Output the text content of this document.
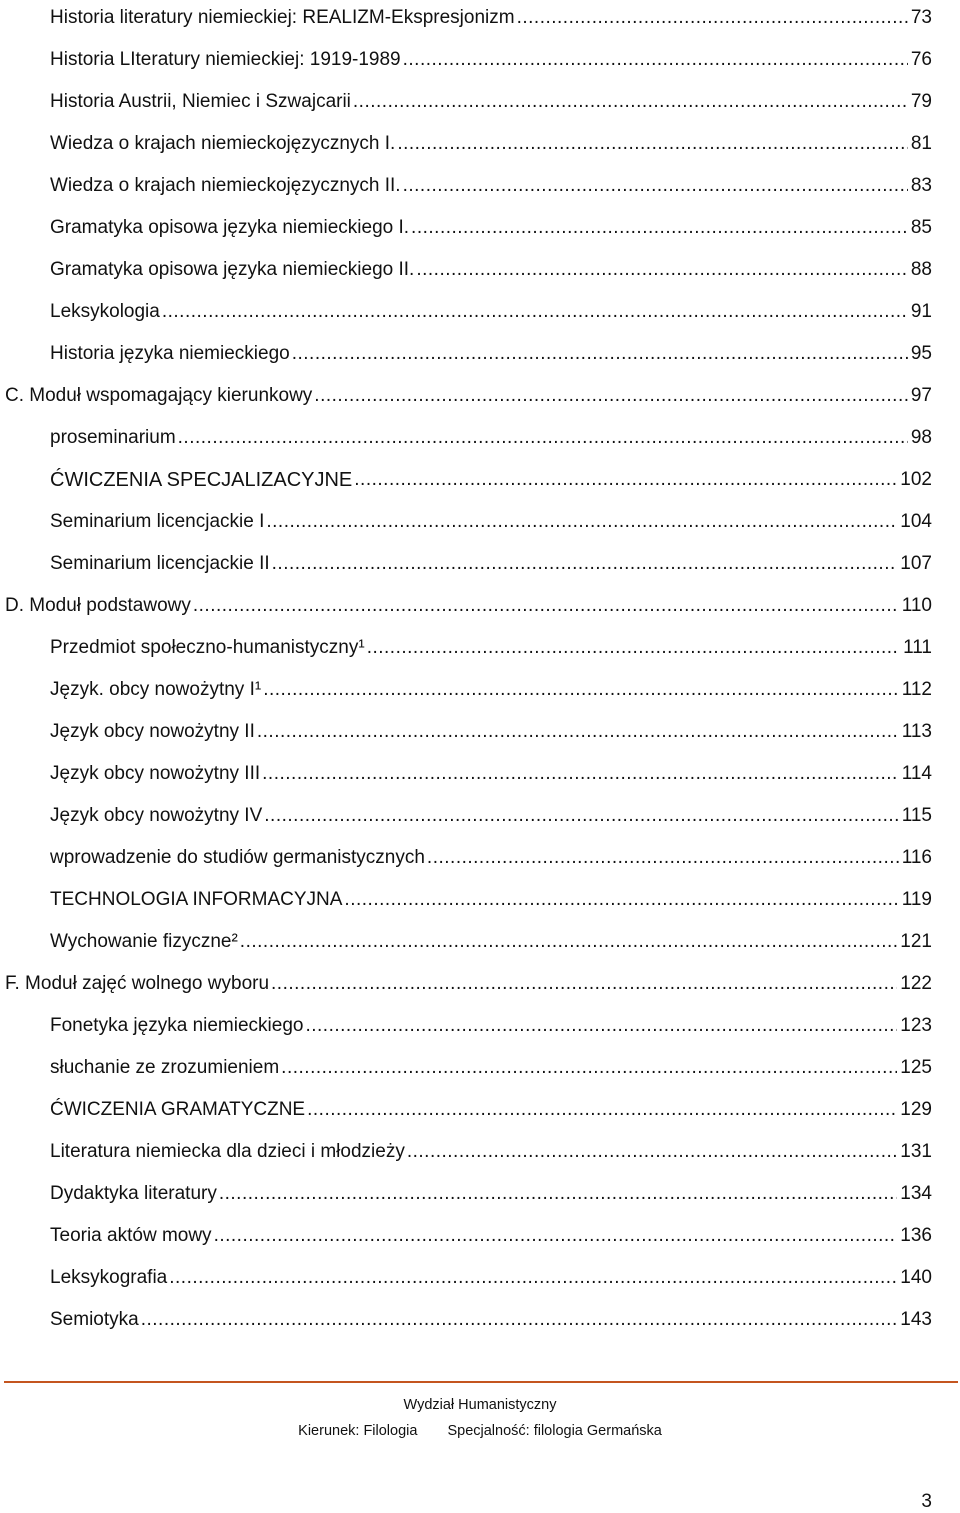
Historia literatury niemieckiej: REALIZM-Ekspresjonizm .....	73
Historia LIteratury niemieckiej: 1919-1989 .....	76
Historia Austrii, Niemiec i Szwajcarii .....	79
Wiedza o krajach niemieckojęzycznych I. .....	81
Wiedza o krajach niemieckojęzycznych II. .....	83
Gramatyka opisowa języka niemieckiego I. .....	85
Gramatyka opisowa języka niemieckiego II. .....	88
Leksykologia .....	91
Historia języka niemieckiego .....	95
C. Moduł wspomagający kierunkowy .....	97
proseminarium .....	98
ĆWICZENIA SPECJALIZACYJNE .....	102
Seminarium licencjackie I .....	104
Seminarium licencjackie II .....	107
D. Moduł podstawowy .....	110
Przedmiot społeczno-humanistyczny¹ .....	111
Język. obcy nowożytny I¹ .....	112
Język obcy nowożytny II .....	113
Język obcy nowożytny III .....	114
Język obcy nowożytny IV .....	115
wprowadzenie do studiów germanistycznych .....	116
TECHNOLOGIA INFORMACYJNA .....	119
Wychowanie fizyczne² .....	121
F. Moduł zajęć wolnego wyboru .....	122
Fonetyka języka niemieckiego .....	123
słuchanie ze zrozumieniem .....	125
ĆWICZENIA GRAMATYCZNE .....	129
Literatura niemiecka dla dzieci i młodzieży .....	131
Dydaktyka literatury .....	134
Teoria aktów mowy .....	136
Leksykografia .....	140
Semiotyka .....	143
Wydział Humanistyczny
Kierunek: Filologia Specjalność: filologia Germańska
3
